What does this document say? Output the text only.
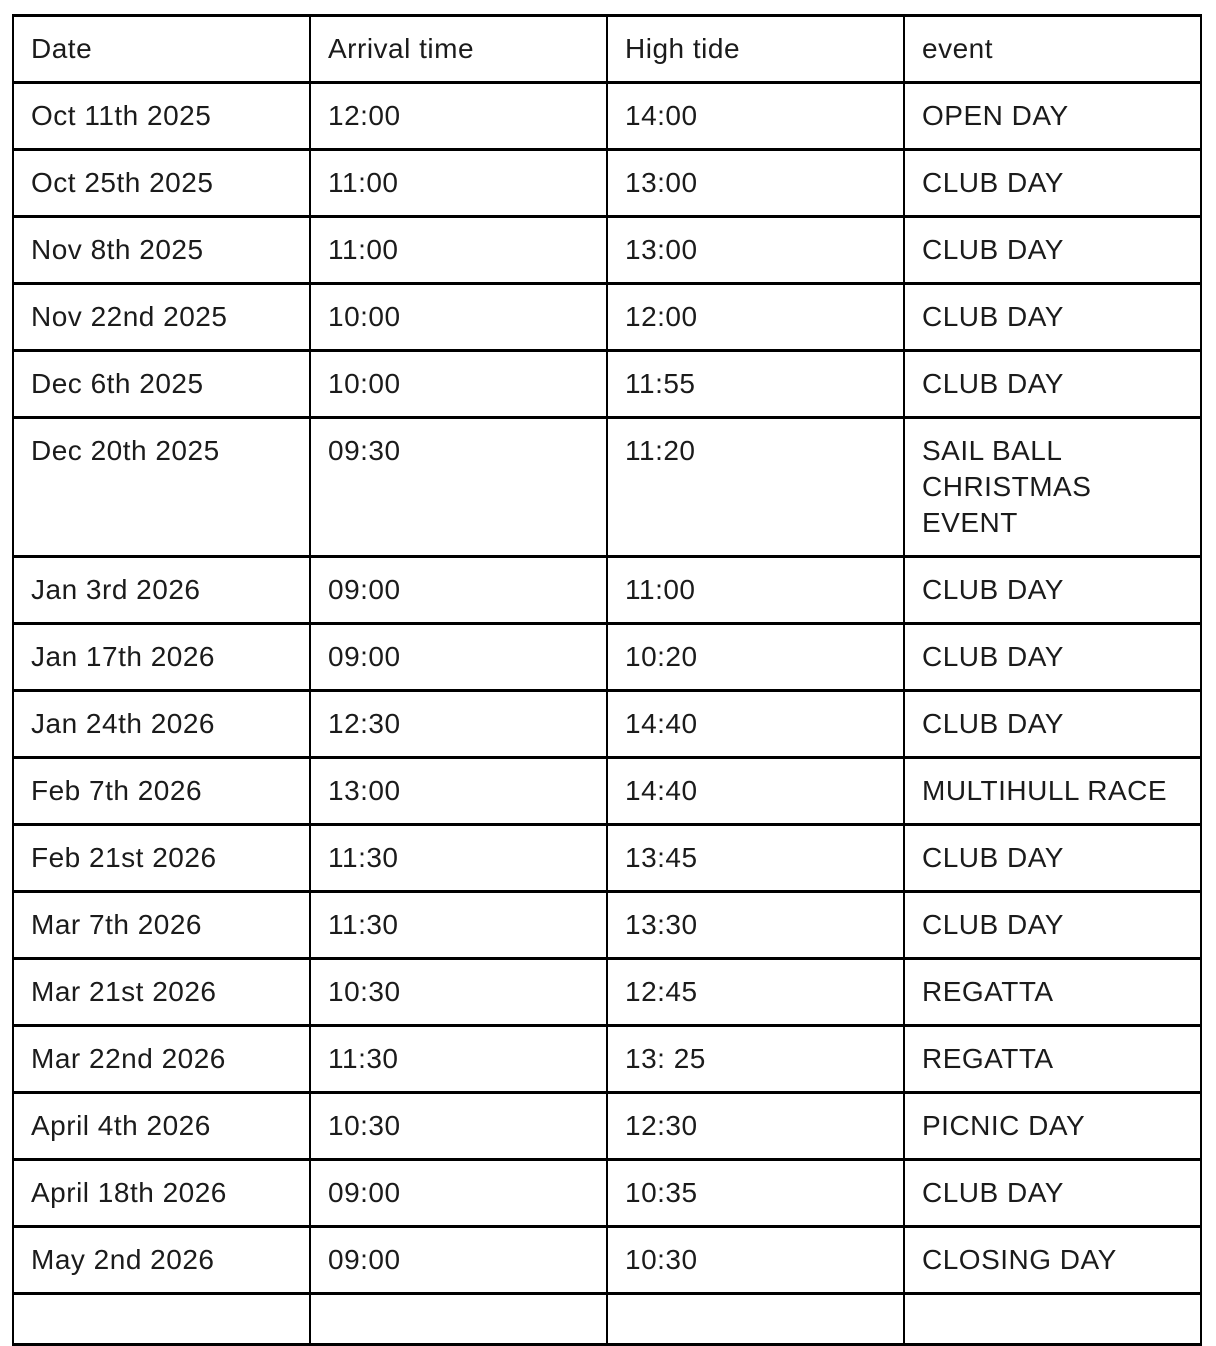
Date	Arrival time	High tide	event
Oct 11th 2025	12:00	14:00	OPEN DAY
Oct 25th 2025	11:00	13:00	CLUB DAY
Nov 8th 2025	11:00	13:00	CLUB DAY
Nov 22nd 2025	10:00	12:00	CLUB DAY
Dec 6th 2025	10:00	11:55	CLUB DAY
Dec 20th 2025	09:30	11:20	SAIL BALL CHRISTMAS EVENT
Jan 3rd 2026	09:00	11:00	CLUB DAY
Jan 17th 2026	09:00	10:20	CLUB DAY
Jan 24th 2026	12:30	14:40	CLUB DAY
Feb 7th 2026	13:00	14:40	MULTIHULL RACE
Feb 21st 2026	11:30	13:45	CLUB DAY
Mar 7th 2026	11:30	13:30	CLUB DAY
Mar 21st 2026	10:30	12:45	REGATTA
Mar 22nd 2026	11:30	13: 25	REGATTA
April 4th 2026	10:30	12:30	PICNIC DAY
April 18th 2026	09:00	10:35	CLUB DAY
May 2nd 2026	09:00	10:30	CLOSING DAY
